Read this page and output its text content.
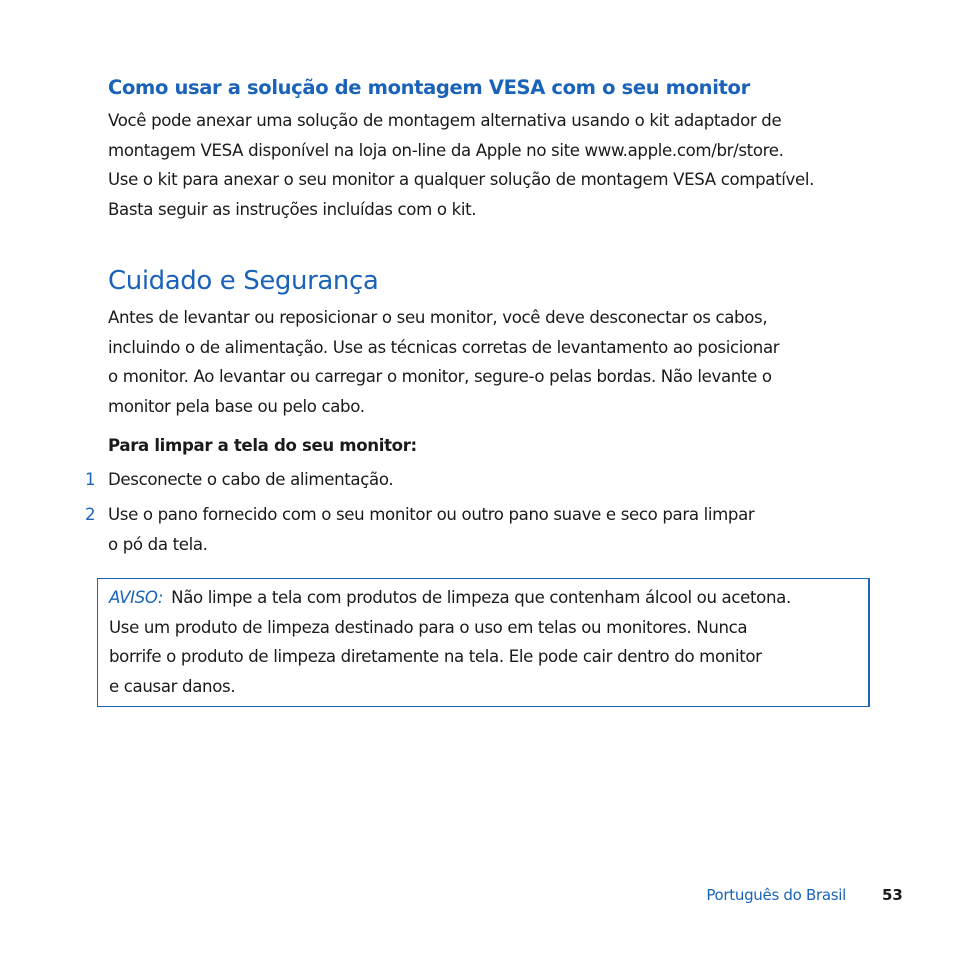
Como usar a solução de montagem VESA com o seu monitor
Você pode anexar uma solução de montagem alternativa usando o kit adaptador de
montagem VESA disponível na loja on-line da Apple no site www.apple.com/br/store.
Use o kit para anexar o seu monitor a qualquer solução de montagem VESA compatível.
Basta seguir as instruções incluídas com o kit.
Cuidado e Segurança
Antes de levantar ou reposicionar o seu monitor, você deve desconectar os cabos,
incluindo o de alimentação. Use as técnicas corretas de levantamento ao posicionar
o monitor. Ao levantar ou carregar o monitor, segure-o pelas bordas. Não levante o
monitor pela base ou pelo cabo.
Para limpar a tela do seu monitor:
1 Desconecte o cabo de alimentação.
2 Use o pano fornecido com o seu monitor ou outro pano suave e seco para limpar
o pó da tela.
AVISO: Não limpe a tela com produtos de limpeza que contenham álcool ou acetona.
Use um produto de limpeza destinado para o uso em telas ou monitores. Nunca
borrife o produto de limpeza diretamente na tela. Ele pode cair dentro do monitor
e causar danos.
Português do Brasil 53
